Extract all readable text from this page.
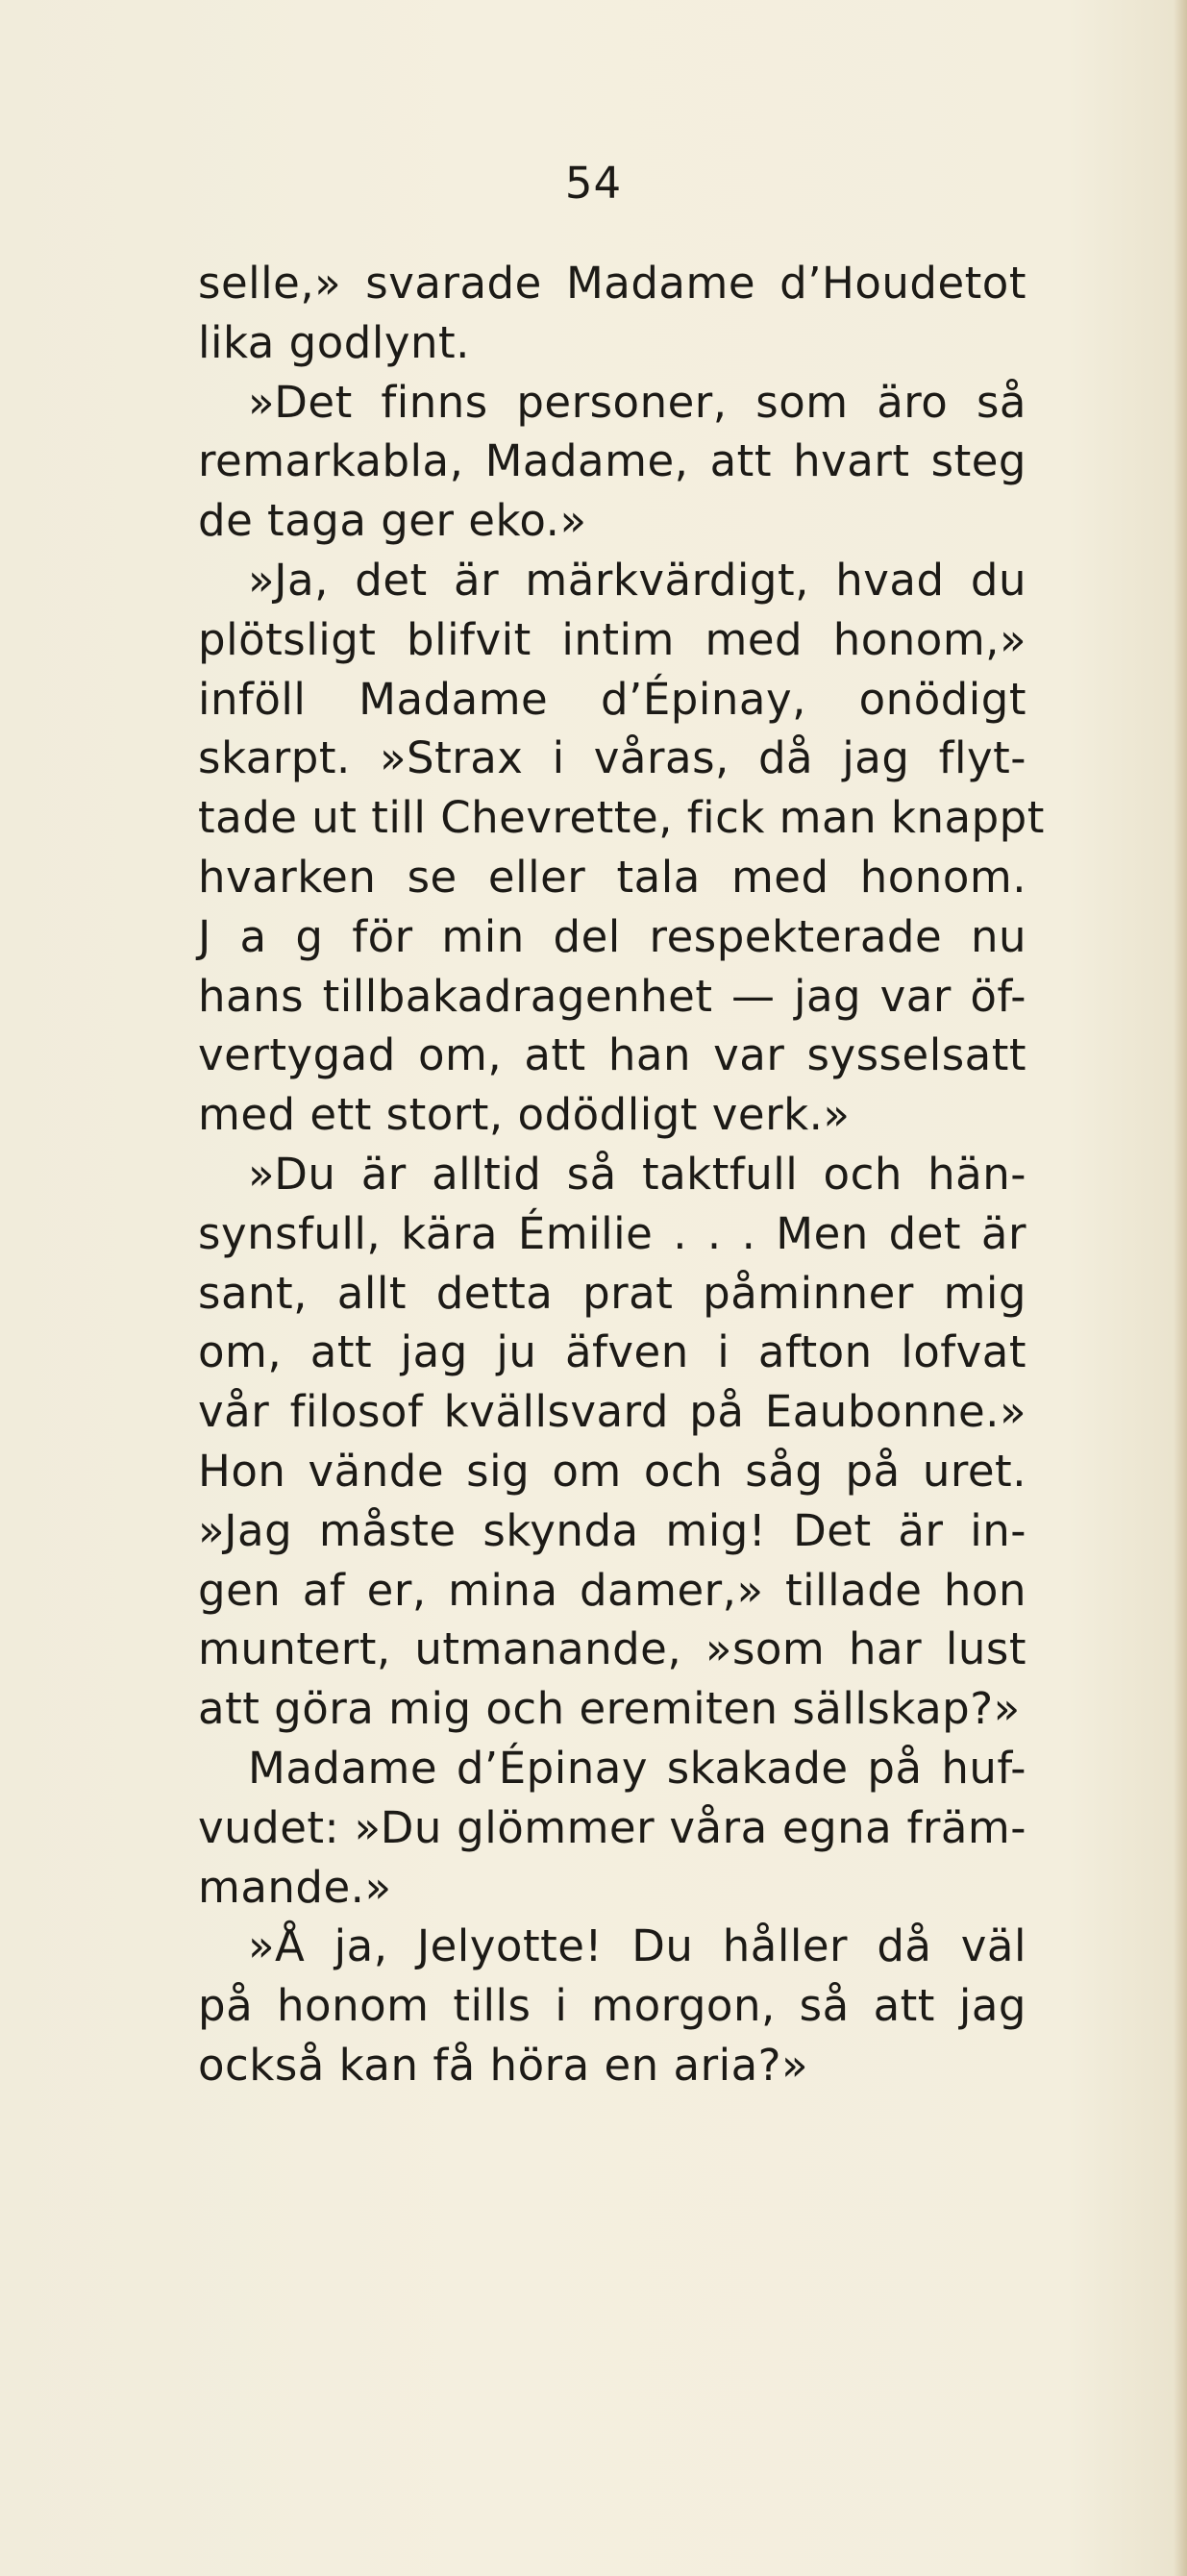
54
selle,» svarade Madame d’Houdetot
lika godlynt.
»Det finns personer, som äro så
remarkabla, Madame, att hvart steg
de taga ger eko.»
»Ja, det är märkvärdigt, hvad du
plötsligt blifvit intim med honom,»
inföll Madame d’Épinay, onödigt
skarpt. »Strax i våras, då jag flyt-
tade ut till Chevrette, fick man knappt
hvarken se eller tala med honom.
J a g för min del respekterade nu
hans tillbakadragenhet — jag var öf-
vertygad om, att han var sysselsatt
med ett stort, odödligt verk.»
»Du är alltid så taktfull och hän-
synsfull, kära Émilie . . . Men det är
sant, allt detta prat påminner mig
om, att jag ju äfven i afton lofvat
vår filosof kvällsvard på Eaubonne.»
Hon vände sig om och såg på uret.
»Jag måste skynda mig! Det är in-
gen af er, mina damer,» tillade hon
muntert, utmanande, »som har lust
att göra mig och eremiten sällskap?»
Madame d’Épinay skakade på huf-
vudet: »Du glömmer våra egna främ-
mande.»
»Å ja, Jelyotte! Du håller då väl
på honom tills i morgon, så att jag
också kan få höra en aria?»
